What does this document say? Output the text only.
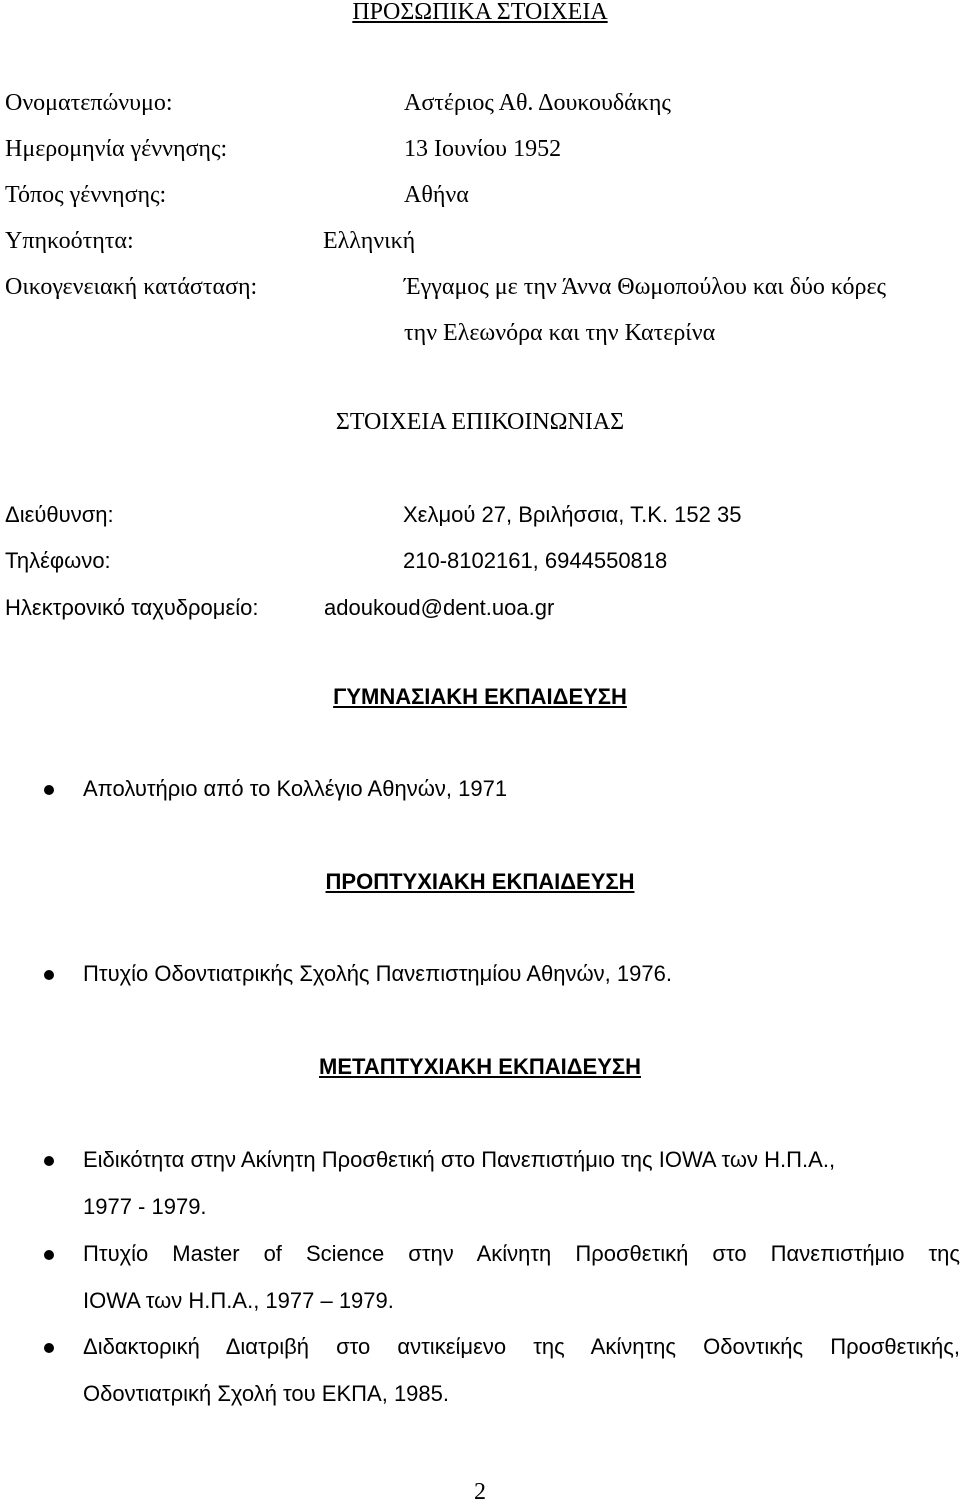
ΠΡΟΣΩΠΙΚΑ ΣΤΟΙΧΕΙΑ
Ονοματεπώνυμο:	Αστέριος Αθ. Δουκουδάκης
Ημερομηνία γέννησης:	13 Ιουνίου 1952
Τόπος γέννησης:	Αθήνα
Υπηκοότητα:	Ελληνική
Οικογενειακή κατάσταση:	Έγγαμος με την Άννα Θωμοπούλου και δύο κόρες
την Ελεωνόρα και την Κατερίνα
ΣΤΟΙΧΕΙΑ ΕΠΙΚΟΙΝΩΝΙΑΣ
Διεύθυνση:	Χελμού 27, Βριλήσσια, Τ.Κ. 152 35
Τηλέφωνο:	210-8102161, 6944550818
Ηλεκτρονικό ταχυδρομείο:	adoukoud@dent.uoa.gr
ΓΥΜΝΑΣΙΑΚΗ ΕΚΠΑΙΔΕΥΣΗ
Απολυτήριο από το Κολλέγιο Αθηνών, 1971
ΠΡΟΠΤΥΧΙΑΚΗ ΕΚΠΑΙΔΕΥΣΗ
Πτυχίο Οδοντιατρικής Σχολής Πανεπιστημίου Αθηνών, 1976.
ΜΕΤΑΠΤΥΧΙΑΚΗ ΕΚΠΑΙΔΕΥΣΗ
Ειδικότητα στην Ακίνητη Προσθετική στο Πανεπιστήμιο της IOWA των Η.Π.Α.,
1977 - 1979.
Πτυχίο Master of Science στην Ακίνητη Προσθετική στο Πανεπιστήμιο της
IOWA των Η.Π.Α., 1977 – 1979.
Διδακτορική Διατριβή στο αντικείμενο της Ακίνητης Οδοντικής Προσθετικής,
Οδοντιατρική Σχολή του ΕΚΠΑ, 1985.
2
